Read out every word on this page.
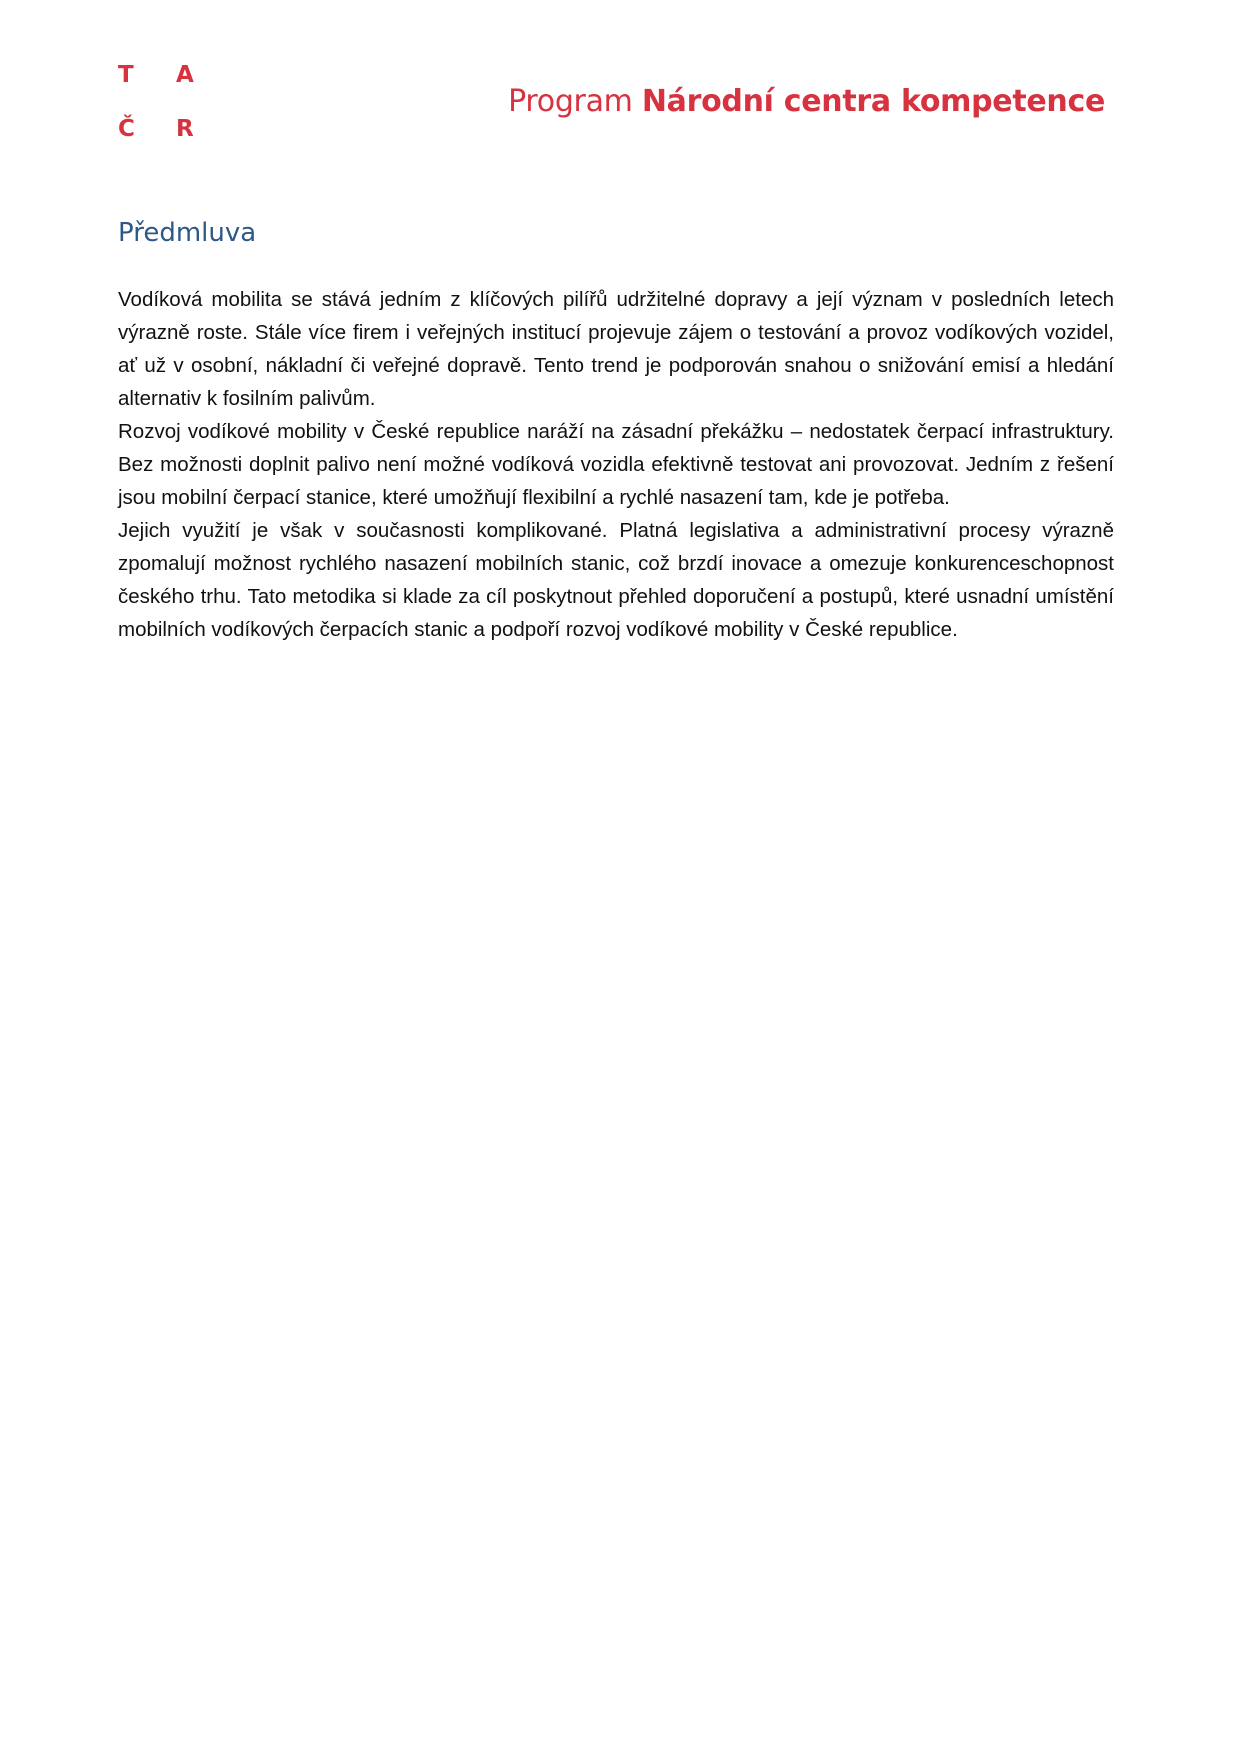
T A
Č R
Program Národní centra kompetence
Předmluva

Vodíková mobilita se stává jedním z klíčových pilířů udržitelné dopravy a její význam v posledních letech výrazně roste. Stále více firem i veřejných institucí projevuje zájem o testování a provoz vodíkových vozidel, ať už v osobní, nákladní či veřejné dopravě. Tento trend je podporován snahou o snižování emisí a hledání alternativ k fosilním palivům.

Rozvoj vodíkové mobility v České republice naráží na zásadní překážku – nedostatek čerpací infrastruktury. Bez možnosti doplnit palivo není možné vodíková vozidla efektivně testovat ani provozovat. Jedním z řešení jsou mobilní čerpací stanice, které umožňují flexibilní a rychlé nasazení tam, kde je potřeba.

Jejich využití je však v současnosti komplikované. Platná legislativa a administrativní procesy výrazně zpomalují možnost rychlého nasazení mobilních stanic, což brzdí inovace a omezuje konkurenceschopnost českého trhu. Tato metodika si klade za cíl poskytnout přehled doporučení a postupů, které usnadní umístění mobilních vodíkových čerpacích stanic a podpoří rozvoj vodíkové mobility v České republice.
